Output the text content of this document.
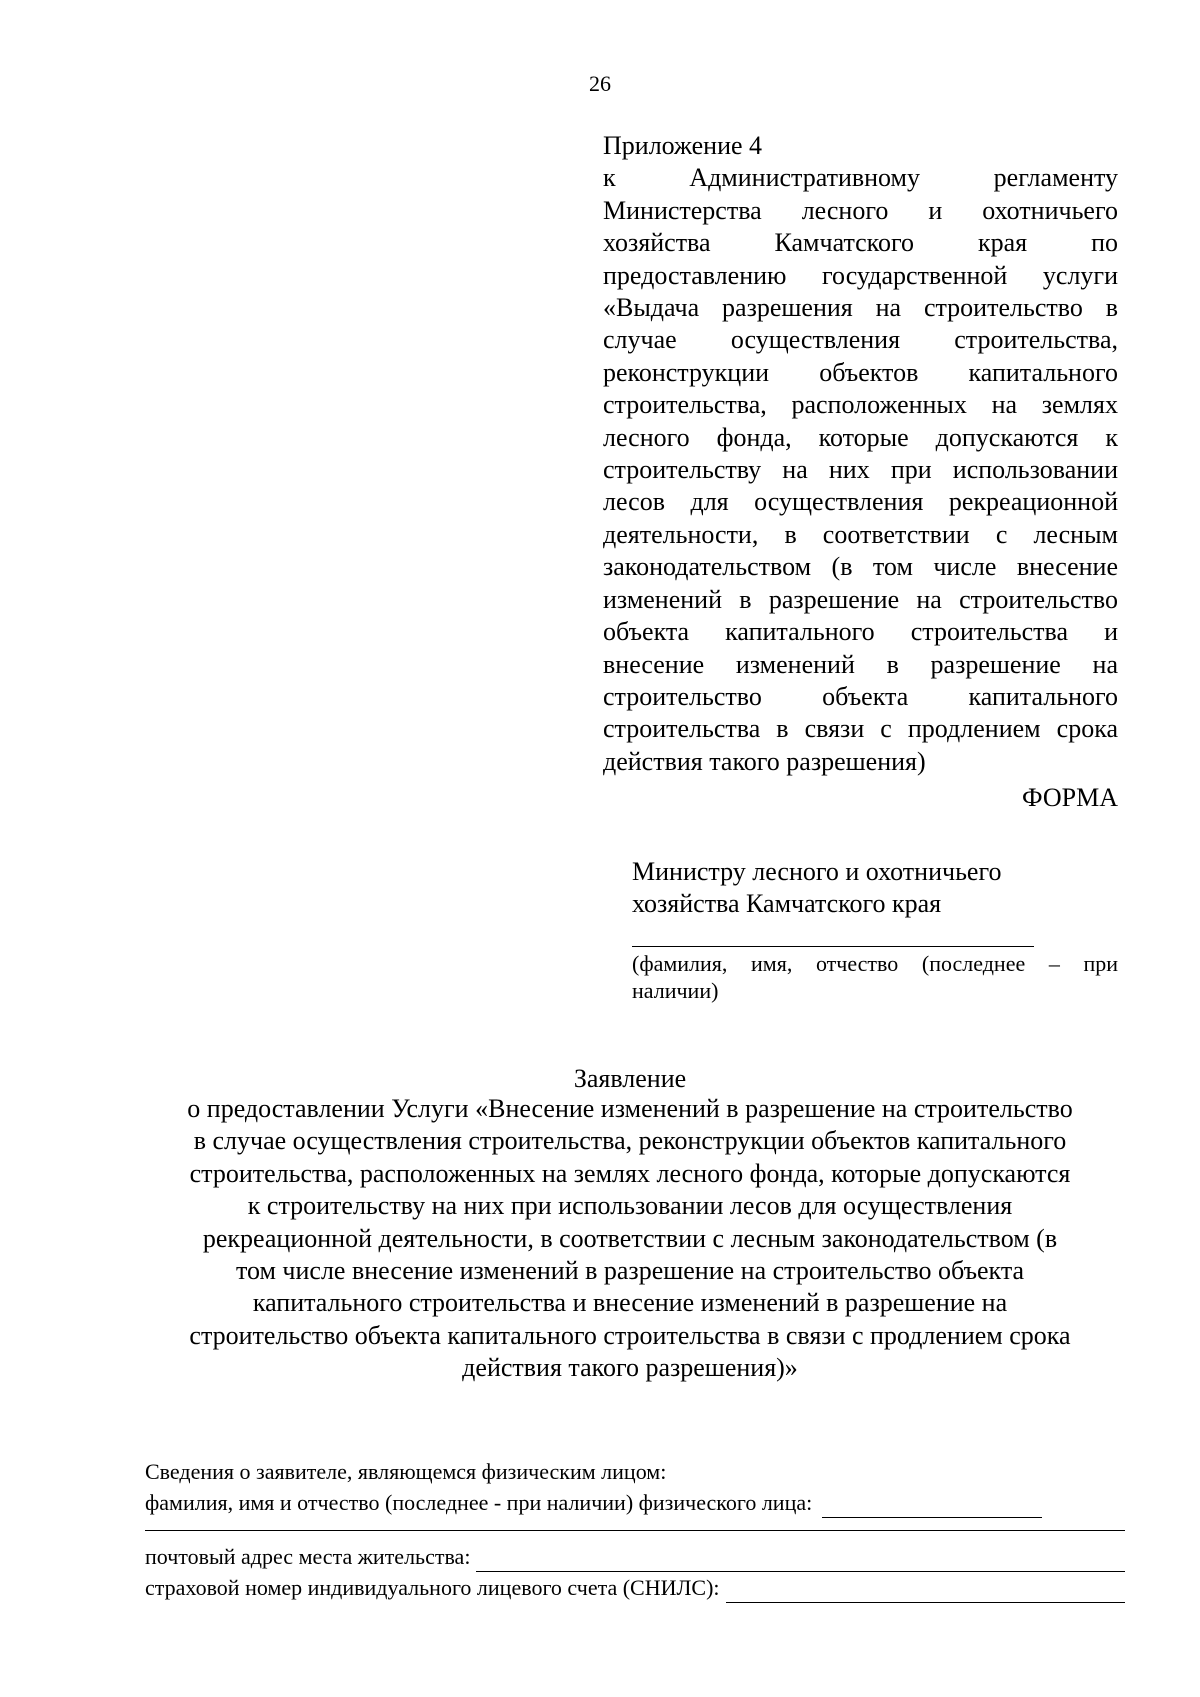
26
Приложение 4

к Административному регламенту Министерства лесного и охотничьего хозяйства Камчатского края по предоставлению государственной услуги «Выдача разрешения на строительство в случае осуществления строительства, реконструкции объектов капитального строительства, расположенных на землях лесного фонда, которые допускаются к строительству на них при использовании лесов для осуществления рекреационной деятельности, в соответствии с лесным законодательством (в том числе внесение изменений в разрешение на строительство объекта капитального строительства и внесение изменений в разрешение на строительство объекта капитального строительства в связи с продлением срока действия такого разрешения)

ФОРМА
Министру лесного и охотничьего
хозяйства Камчатского края
(фамилия, имя, отчество (последнее – при наличии)
Заявление
о предоставлении Услуги «Внесение изменений в разрешение на строительство
в случае осуществления строительства, реконструкции объектов капитального
строительства, расположенных на землях лесного фонда, которые допускаются
к строительству на них при использовании лесов для осуществления
рекреационной деятельности, в соответствии с лесным законодательством (в
том числе внесение изменений в разрешение на строительство объекта
капитального строительства и внесение изменений в разрешение на
строительство объекта капитального строительства в связи с продлением срока
действия такого разрешения)»
Сведения о заявителе, являющемся физическим лицом:
фамилия, имя и отчество (последнее - при наличии) физического лица:
почтовый адрес места жительства:
страховой номер индивидуального лицевого счета (СНИЛС):
